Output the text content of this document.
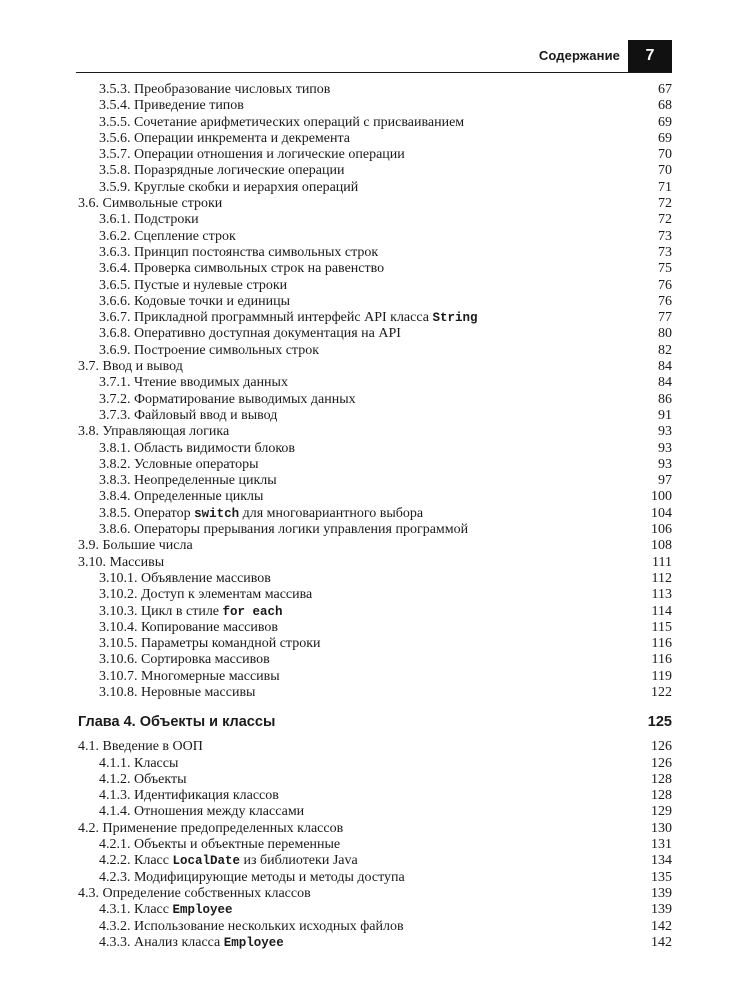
Содержание	7
3.5.3. Преобразование числовых типов	67
3.5.4. Приведение типов	68
3.5.5. Сочетание арифметических операций с присваиванием	69
3.5.6. Операции инкремента и декремента	69
3.5.7. Операции отношения и логические операции	70
3.5.8. Поразрядные логические операции	70
3.5.9. Круглые скобки и иерархия операций	71
3.6. Символьные строки	72
3.6.1. Подстроки	72
3.6.2. Сцепление строк	73
3.6.3. Принцип постоянства символьных строк	73
3.6.4. Проверка символьных строк на равенство	75
3.6.5. Пустые и нулевые строки	76
3.6.6. Кодовые точки и единицы	76
3.6.7. Прикладной программный интерфейс API класса String	77
3.6.8. Оперативно доступная документация на API	80
3.6.9. Построение символьных строк	82
3.7. Ввод и вывод	84
3.7.1. Чтение вводимых данных	84
3.7.2. Форматирование выводимых данных	86
3.7.3. Файловый ввод и вывод	91
3.8. Управляющая логика	93
3.8.1. Область видимости блоков	93
3.8.2. Условные операторы	93
3.8.3. Неопределенные циклы	97
3.8.4. Определенные циклы	100
3.8.5. Оператор switch для многовариантного выбора	104
3.8.6. Операторы прерывания логики управления программой	106
3.9. Большие числа	108
3.10. Массивы	111
3.10.1. Объявление массивов	112
3.10.2. Доступ к элементам массива	113
3.10.3. Цикл в стиле for each	114
3.10.4. Копирование массивов	115
3.10.5. Параметры командной строки	116
3.10.6. Сортировка массивов	116
3.10.7. Многомерные массивы	119
3.10.8. Неровные массивы	122
Глава 4. Объекты и классы	125
4.1. Введение в ООП	126
4.1.1. Классы	126
4.1.2. Объекты	128
4.1.3. Идентификация классов	128
4.1.4. Отношения между классами	129
4.2. Применение предопределенных классов	130
4.2.1. Объекты и объектные переменные	131
4.2.2. Класс LocalDate из библиотеки Java	134
4.2.3. Модифицирующие методы и методы доступа	135
4.3. Определение собственных классов	139
4.3.1. Класс Employee	139
4.3.2. Использование нескольких исходных файлов	142
4.3.3. Анализ класса Employee	142
